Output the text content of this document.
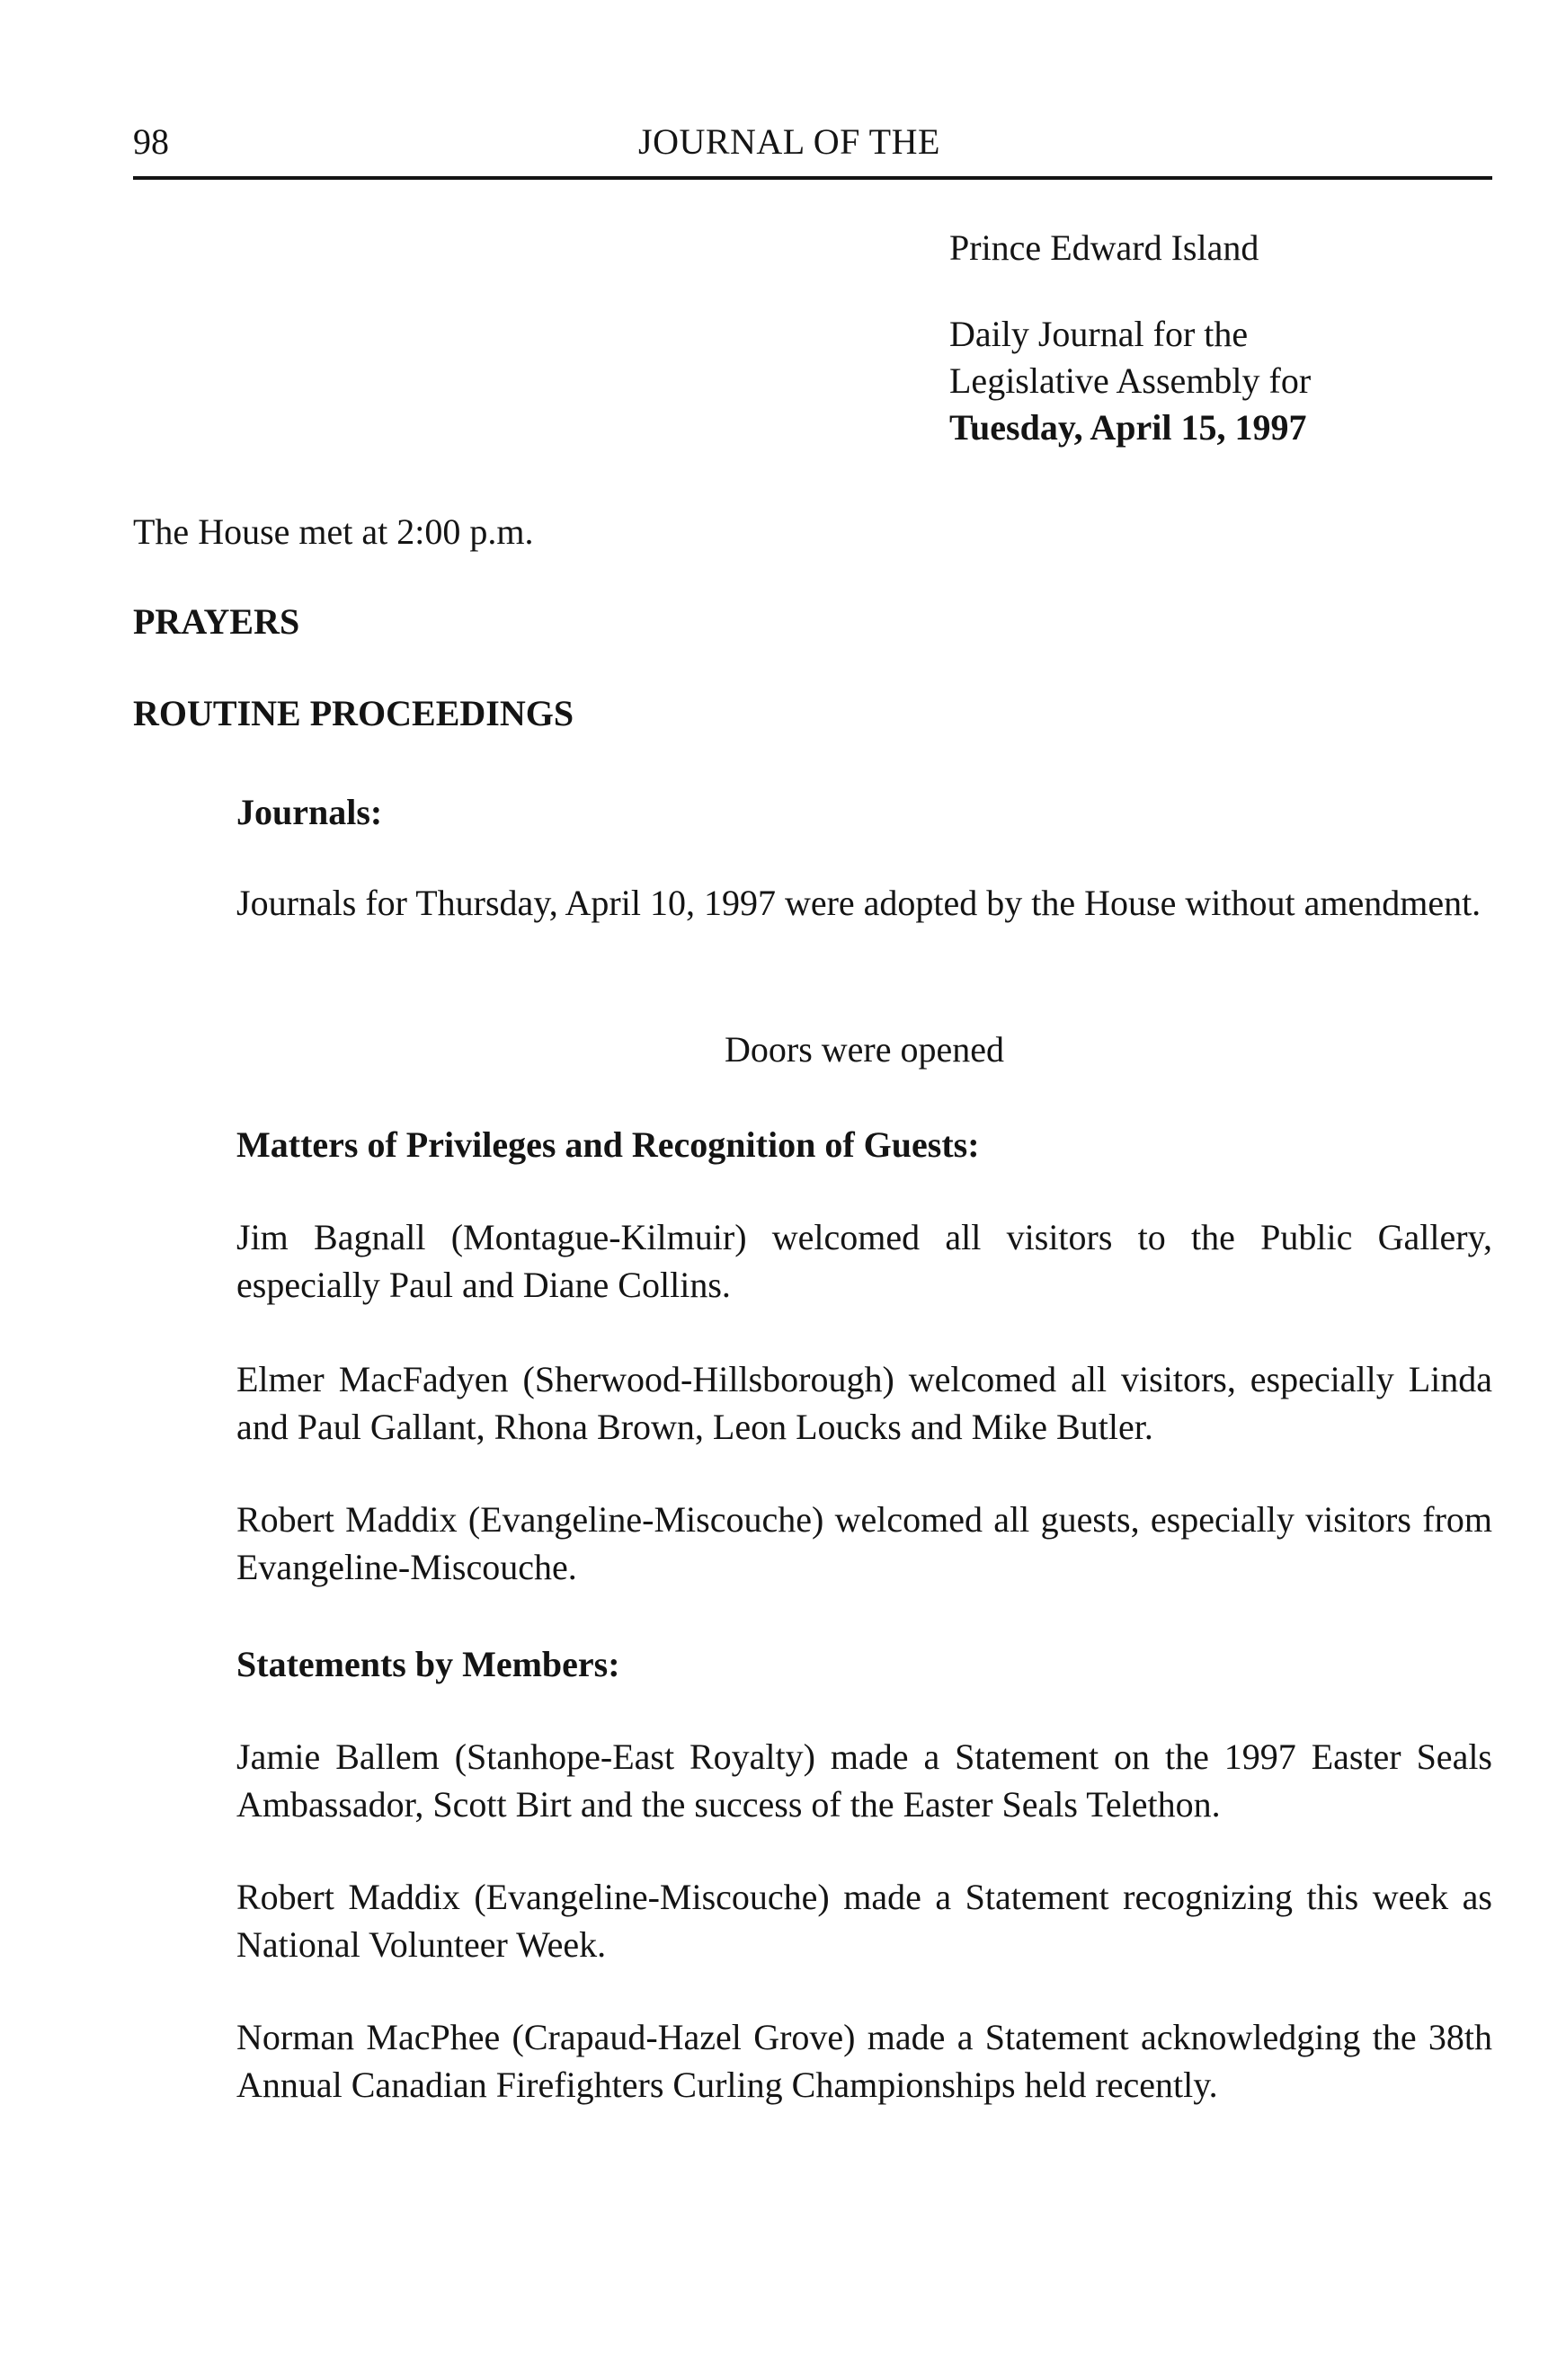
98	JOURNAL OF THE
Prince Edward Island
Daily Journal for the
Legislative Assembly for
Tuesday, April 15, 1997
The House met at 2:00 p.m.
PRAYERS
ROUTINE PROCEEDINGS
Journals:
Journals for Thursday, April 10, 1997 were adopted by the House without amendment.
Doors were opened
Matters of Privileges and Recognition of Guests:
Jim Bagnall (Montague-Kilmuir) welcomed all visitors to the Public Gallery, especially Paul and Diane Collins.
Elmer MacFadyen (Sherwood-Hillsborough) welcomed all visitors, especially Linda and Paul Gallant, Rhona Brown, Leon Loucks and Mike Butler.
Robert Maddix (Evangeline-Miscouche) welcomed all guests, especially visitors from Evangeline-Miscouche.
Statements by Members:
Jamie Ballem (Stanhope-East Royalty) made a Statement on the 1997 Easter Seals Ambassador, Scott Birt and the success of the Easter Seals Telethon.
Robert Maddix (Evangeline-Miscouche) made a Statement recognizing this week as National Volunteer Week.
Norman MacPhee (Crapaud-Hazel Grove) made a Statement acknowledging the 38th Annual Canadian Firefighters Curling Championships held recently.
